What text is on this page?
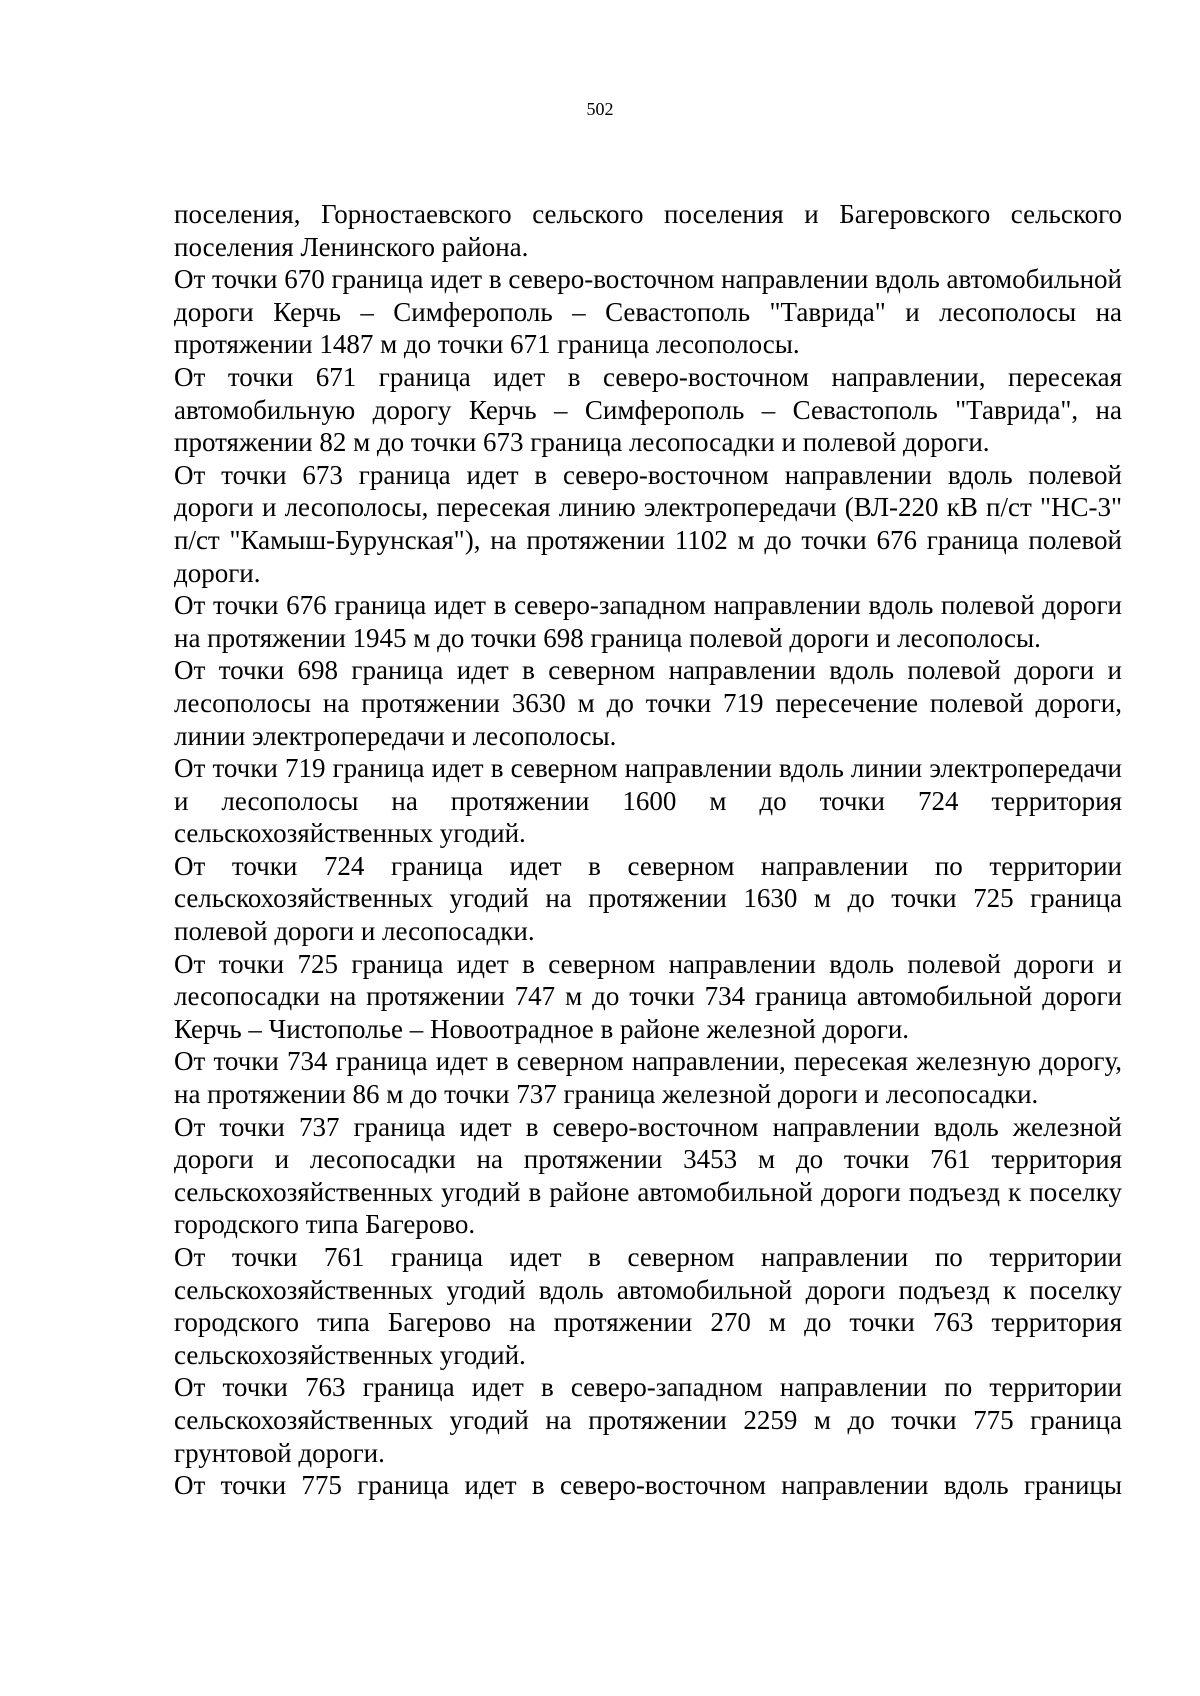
502

поселения, Горностаевского сельского поселения и Багеровского сельского поселения Ленинского района.

От точки 670 граница идет в северо-восточном направлении вдоль автомобильной дороги Керчь – Симферополь – Севастополь "Таврида" и лесополосы на протяжении 1487 м до точки 671 граница лесополосы.

От точки 671 граница идет в северо-восточном направлении, пересекая автомобильную дорогу Керчь – Симферополь – Севастополь "Таврида", на протяжении 82 м до точки 673 граница лесопосадки и полевой дороги.

От точки 673 граница идет в северо-восточном направлении вдоль полевой дороги и лесополосы, пересекая линию электропередачи (ВЛ-220 кВ п/ст "НС-3" п/ст "Камыш-Бурунская"), на протяжении 1102 м до точки 676 граница полевой дороги.

От точки 676 граница идет в северо-западном направлении вдоль полевой дороги на протяжении 1945 м до точки 698 граница полевой дороги и лесополосы.

От точки 698 граница идет в северном направлении вдоль полевой дороги и лесополосы на протяжении 3630 м до точки 719 пересечение полевой дороги, линии электропередачи и лесополосы.

От точки 719 граница идет в северном направлении вдоль линии электропередачи и лесополосы на протяжении 1600 м до точки 724 территория сельскохозяйственных угодий.

От точки 724 граница идет в северном направлении по территории сельскохозяйственных угодий на протяжении 1630 м до точки 725 граница полевой дороги и лесопосадки.

От точки 725 граница идет в северном направлении вдоль полевой дороги и лесопосадки на протяжении 747 м до точки 734 граница автомобильной дороги Керчь – Чистополье – Новоотрадное в районе железной дороги.

От точки 734 граница идет в северном направлении, пересекая железную дорогу, на протяжении 86 м до точки 737 граница железной дороги и лесопосадки.

От точки 737 граница идет в северо-восточном направлении вдоль железной дороги и лесопосадки на протяжении 3453 м до точки 761 территория сельскохозяйственных угодий в районе автомобильной дороги подъезд к поселку городского типа Багерово.

От точки 761 граница идет в северном направлении по территории сельскохозяйственных угодий вдоль автомобильной дороги подъезд к поселку городского типа Багерово на протяжении 270 м до точки 763 территория сельскохозяйственных угодий.

От точки 763 граница идет в северо-западном направлении по территории сельскохозяйственных угодий на протяжении 2259 м до точки 775 граница грунтовой дороги.

От точки 775 граница идет в северо-восточном направлении вдоль границы
